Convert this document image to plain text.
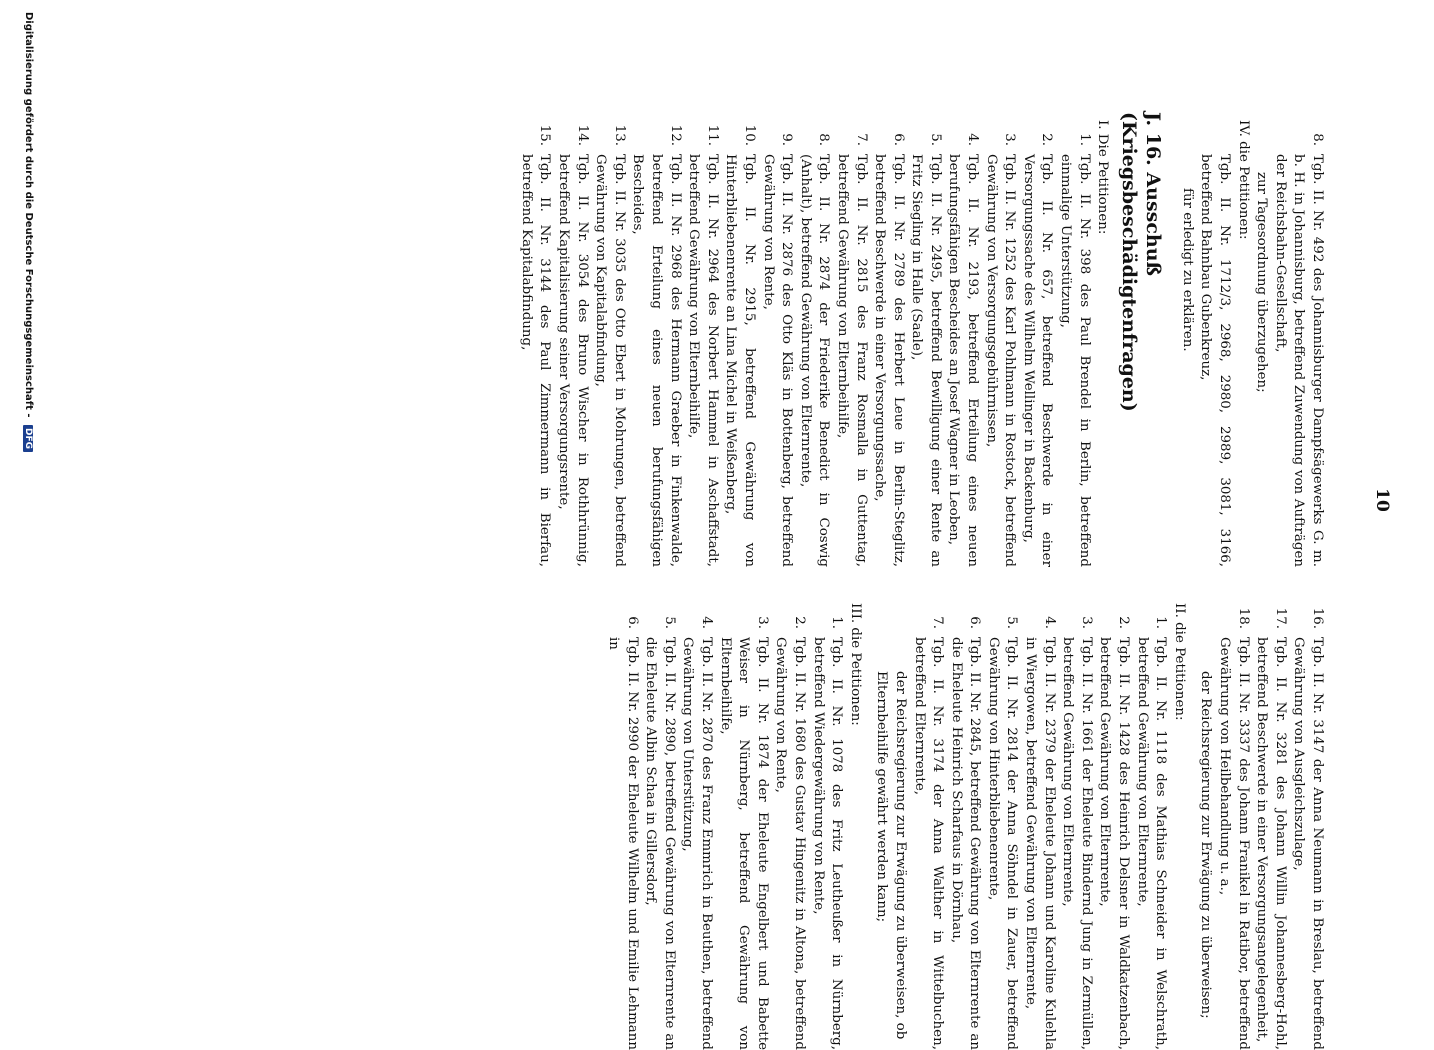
10
8.
Tgb. II. Nr. 492 des Johannisburger Dampfsägewerks G. m. b. H. in Johannisburg, betreffend Zuwendung von Aufträgen der Reichsbahn-Gesellschaft,
zur Tagesordnung überzugehen;
IV. die Petitionen:
Tgb. II. Nr. 1712/3, 2968, 2980, 2989, 3081, 3166, betreffend Bahnbau Gubenkreuz,
für erledigt zu erklären.
J. 16. Ausschuß (Kriegsbeschädigtenfragen)
I. Die Petitionen:
1.
Tgb. II. Nr. 398 des Paul Brendel in Berlin, betreffend einmalige Unterstützung,
2.
Tgb. II. Nr. 657, betreffend Beschwerde in einer Versorgungssache des Wilhelm Wellinger in Backenburg,
3.
Tgb. II. Nr. 1252 des Karl Pohlmann in Rostock, betreffend Gewährung von Versorgungsgebührnissen,
4.
Tgb. II. Nr. 2193, betreffend Erteilung eines neuen berufungsfähigen Bescheides an Josef Wagner in Leoben,
5.
Tgb. II. Nr. 2495, betreffend Bewilligung einer Rente an Fritz Siegling in Halle (Saale),
6.
Tgb. II. Nr. 2789 des Herbert Leue in Berlin-Steglitz, betreffend Beschwerde in einer Versorgungssache,
7.
Tgb. II. Nr. 2815 des Franz Rosmalla in Guttentag, betreffend Gewährung von Elternbeihilfe,
8.
Tgb. II. Nr. 2874 der Friederike Benedict in Coswig (Anhalt), betreffend Gewährung von Elternrente,
9.
Tgb. II. Nr. 2876 des Otto Kläs in Bottenberg, betreffend Gewährung von Rente,
10.
Tgb. II. Nr. 2915, betreffend Gewährung von Hinterbliebenenrente an Lina Michel in Weißenberg,
11.
Tgb. II. Nr. 2964 des Norbert Hammel in Aschaffstadt, betreffend Gewährung von Elternbeihilfe,
12.
Tgb. II. Nr. 2968 des Hermann Graeber in Finkenwalde, betreffend Erteilung eines neuen berufungsfähigen Bescheides,
13.
Tgb. II. Nr. 3035 des Otto Ebert in Mohrungen, betreffend Gewährung von Kapitalabfindung,
14.
Tgb. II. Nr. 3054 des Bruno Wischer in Rothhrünnig, betreffend Kapitalisierung seiner Versorgungsrente,
15.
Tgb. II. Nr. 3144 des Paul Zimmermann in Bierfau, betreffend Kapitalabfindung,
16.
Tgb. II. Nr. 3147 der Anna Neumann in Breslau, betreffend Gewährung von Ausgleichszulage,
17.
Tgb. II. Nr. 3281 des Johann Willin Johannesberg-Hohl, betreffend Beschwerde in einer Versorgungsangelegenheit,
18.
Tgb. II. Nr. 3337 des Johann Franikel in Ratibor, betreffend Gewährung von Heilbehandlung u. a.,
der Reichsregierung zur Erwägung zu überweisen;
II. die Petitionen:
1.
Tgb. II. Nr. 1118 des Mathias Schneider in Welschrath, betreffend Gewährung von Elternrente,
2.
Tgb. II. Nr. 1428 des Heinrich Delsner in Waldkatzenbach, betreffend Gewährung von Elternrente,
3.
Tgb. II. Nr. 1661 der Eheleute Bindernd Jung in Zermüllen, betreffend Gewährung von Elternrente,
4.
Tgb. II. Nr. 2379 der Eheleute Johann und Karoline Kulehla in Wiergowen, betreffend Gewährung von Elternrente,
5.
Tgb. II. Nr. 2814 der Anna Söhndel in Zauer, betreffend Gewährung von Hinterbliebenenrente,
6.
Tgb. II. Nr. 2845, betreffend Gewährung von Elternrente an die Eheleute Heinrich Scharfaus in Dörnhau,
7.
Tgb. II. Nr. 3174 der Anna Walther in Wittelbuchen, betreffend Elternrente,
der Reichsregierung zur Erwägung zu überweisen, ob Elternbeihilfe gewährt werden kann;
III. die Petitionen:
1.
Tgb. II. Nr. 1078 des Fritz Leutheußer in Nürnberg, betreffend Wiedergewährung von Rente,
2.
Tgb. II. Nr. 1680 des Gustav Hingenitz in Altona, betreffend Gewährung von Rente,
3.
Tgb. II. Nr. 1874 der Eheleute Engelbert und Babette Weiser in Nürnberg, betreffend Gewährung von Elternbeihilfe,
4.
Tgb. II. Nr. 2870 des Franz Emmrich in Beuthen, betreffend Gewährung von Unterstützung,
5.
Tgb. II. Nr. 2890, betreffend Gewährung von Elternrente an die Eheleute Albin Schaa in Gillersdorf,
6.
Tgb. II. Nr. 2990 der Eheleute Wilhelm und Emilie Lehmann in
Digitalisierung gefördert durch die Deutsche Forschungsgemeinschaft - DFG
